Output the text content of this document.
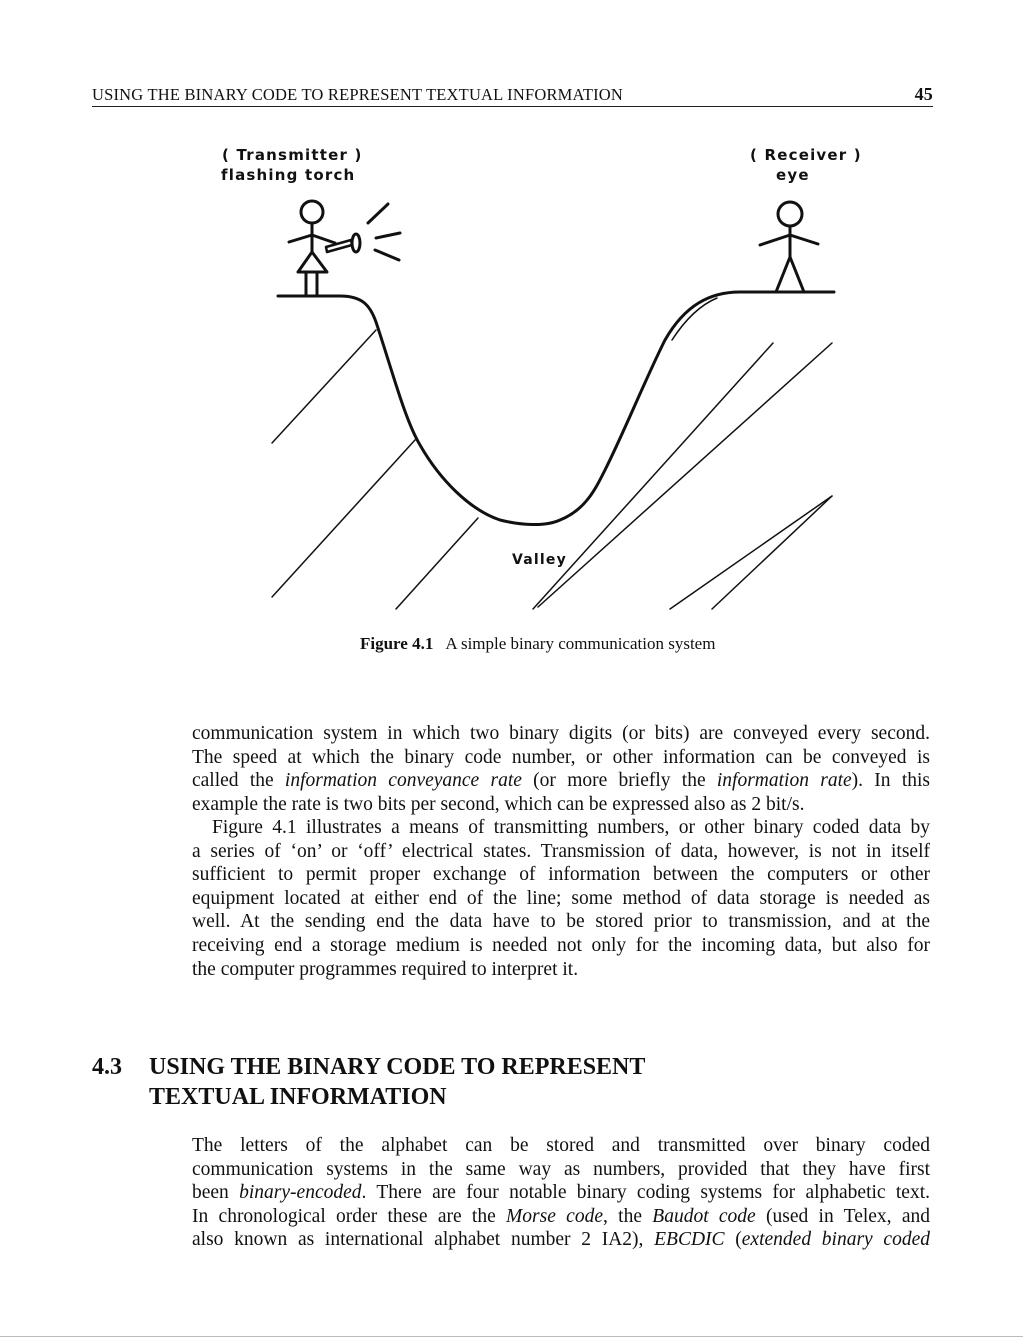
USING THE BINARY CODE TO REPRESENT TEXTUAL INFORMATION	45
( Transmitter )
flashing torch
( Receiver )
eye
Valley
Figure 4.1 A simple binary communication system
communication system in which two binary digits (or bits) are conveyed every second.
The speed at which the binary code number, or other information can be conveyed is
called the information conveyance rate (or more briefly the information rate). In this
example the rate is two bits per second, which can be expressed also as 2 bit/s.
Figure 4.1 illustrates a means of transmitting numbers, or other binary coded data by
a series of ‘on’ or ‘off’ electrical states. Transmission of data, however, is not in itself
sufficient to permit proper exchange of information between the computers or other
equipment located at either end of the line; some method of data storage is needed as
well. At the sending end the data have to be stored prior to transmission, and at the
receiving end a storage medium is needed not only for the incoming data, but also for
the computer programmes required to interpret it.
4.3 USING THE BINARY CODE TO REPRESENT
TEXTUAL INFORMATION
The letters of the alphabet can be stored and transmitted over binary coded
communication systems in the same way as numbers, provided that they have first
been binary-encoded. There are four notable binary coding systems for alphabetic text.
In chronological order these are the Morse code, the Baudot code (used in Telex, and
also known as international alphabet number 2 IA2), EBCDIC (extended binary coded
